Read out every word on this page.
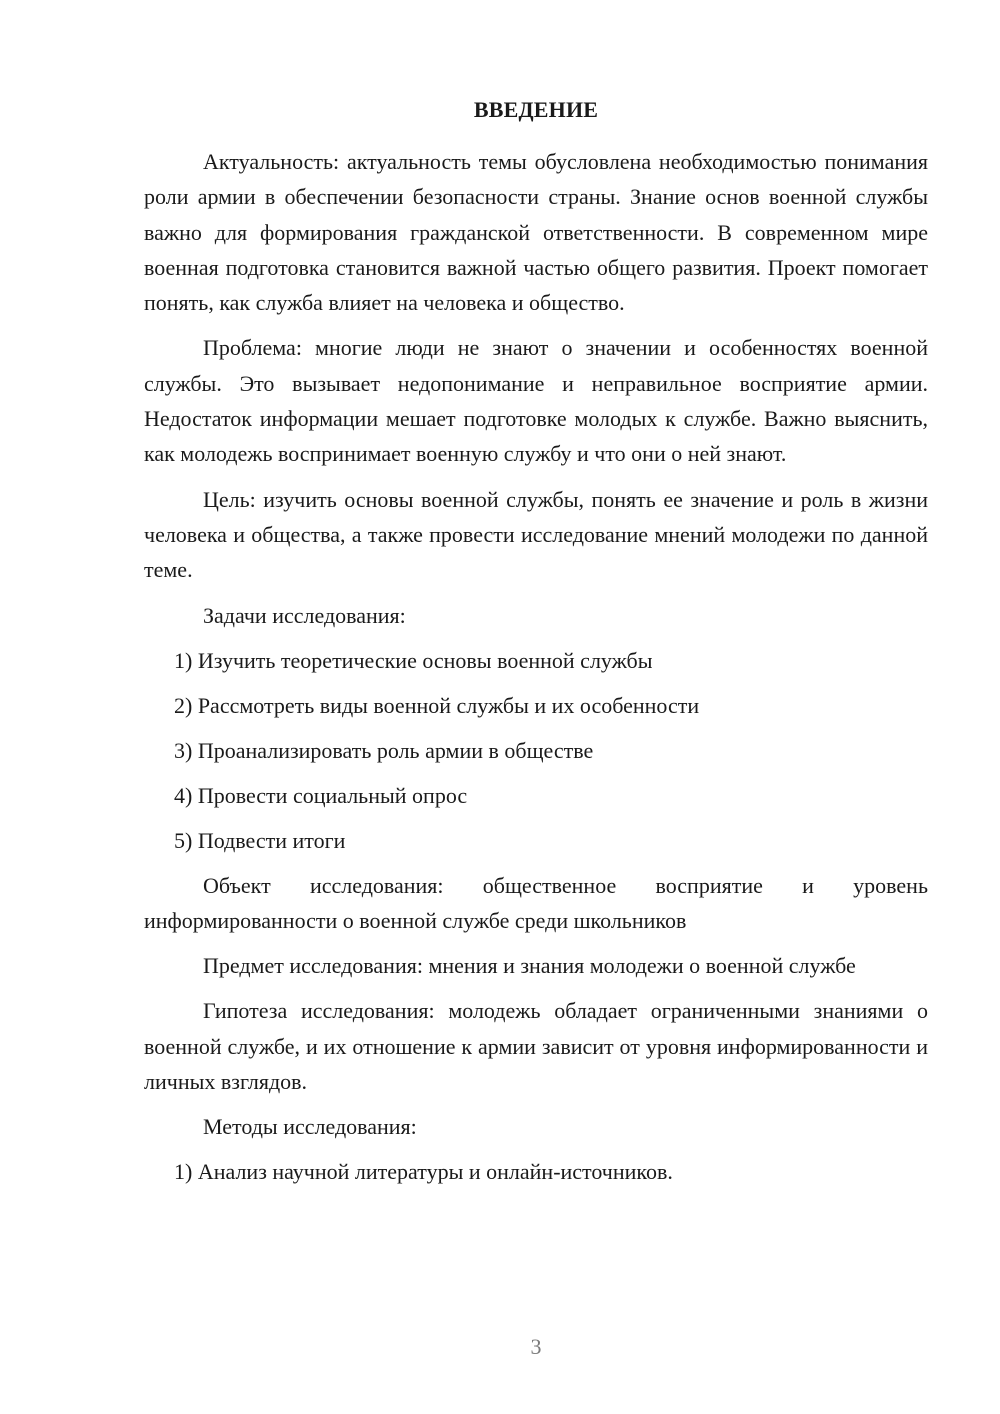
ВВЕДЕНИЕ

Актуальность: актуальность темы обусловлена необходимостью понимания роли армии в обеспечении безопасности страны. Знание основ военной службы важно для формирования гражданской ответственности. В современном мире военная подготовка становится важной частью общего развития. Проект помогает понять, как служба влияет на человека и общество.

Проблема: многие люди не знают о значении и особенностях военной службы. Это вызывает недопонимание и неправильное восприятие армии. Недостаток информации мешает подготовке молодых к службе. Важно выяснить, как молодежь воспринимает военную службу и что они о ней знают.

Цель: изучить основы военной службы, понять ее значение и роль в жизни человека и общества, а также провести исследование мнений молодежи по данной теме.

Задачи исследования:
1) Изучить теоретические основы военной службы
2) Рассмотреть виды военной службы и их особенности
3) Проанализировать роль армии в обществе
4) Провести социальный опрос
5) Подвести итоги

Объект исследования: общественное восприятие и уровень информированности о военной службе среди школьников

Предмет исследования: мнения и знания молодежи о военной службе

Гипотеза исследования: молодежь обладает ограниченными знаниями о военной службе, и их отношение к армии зависит от уровня информированности и личных взглядов.

Методы исследования:
1) Анализ научной литературы и онлайн-источников.
3
